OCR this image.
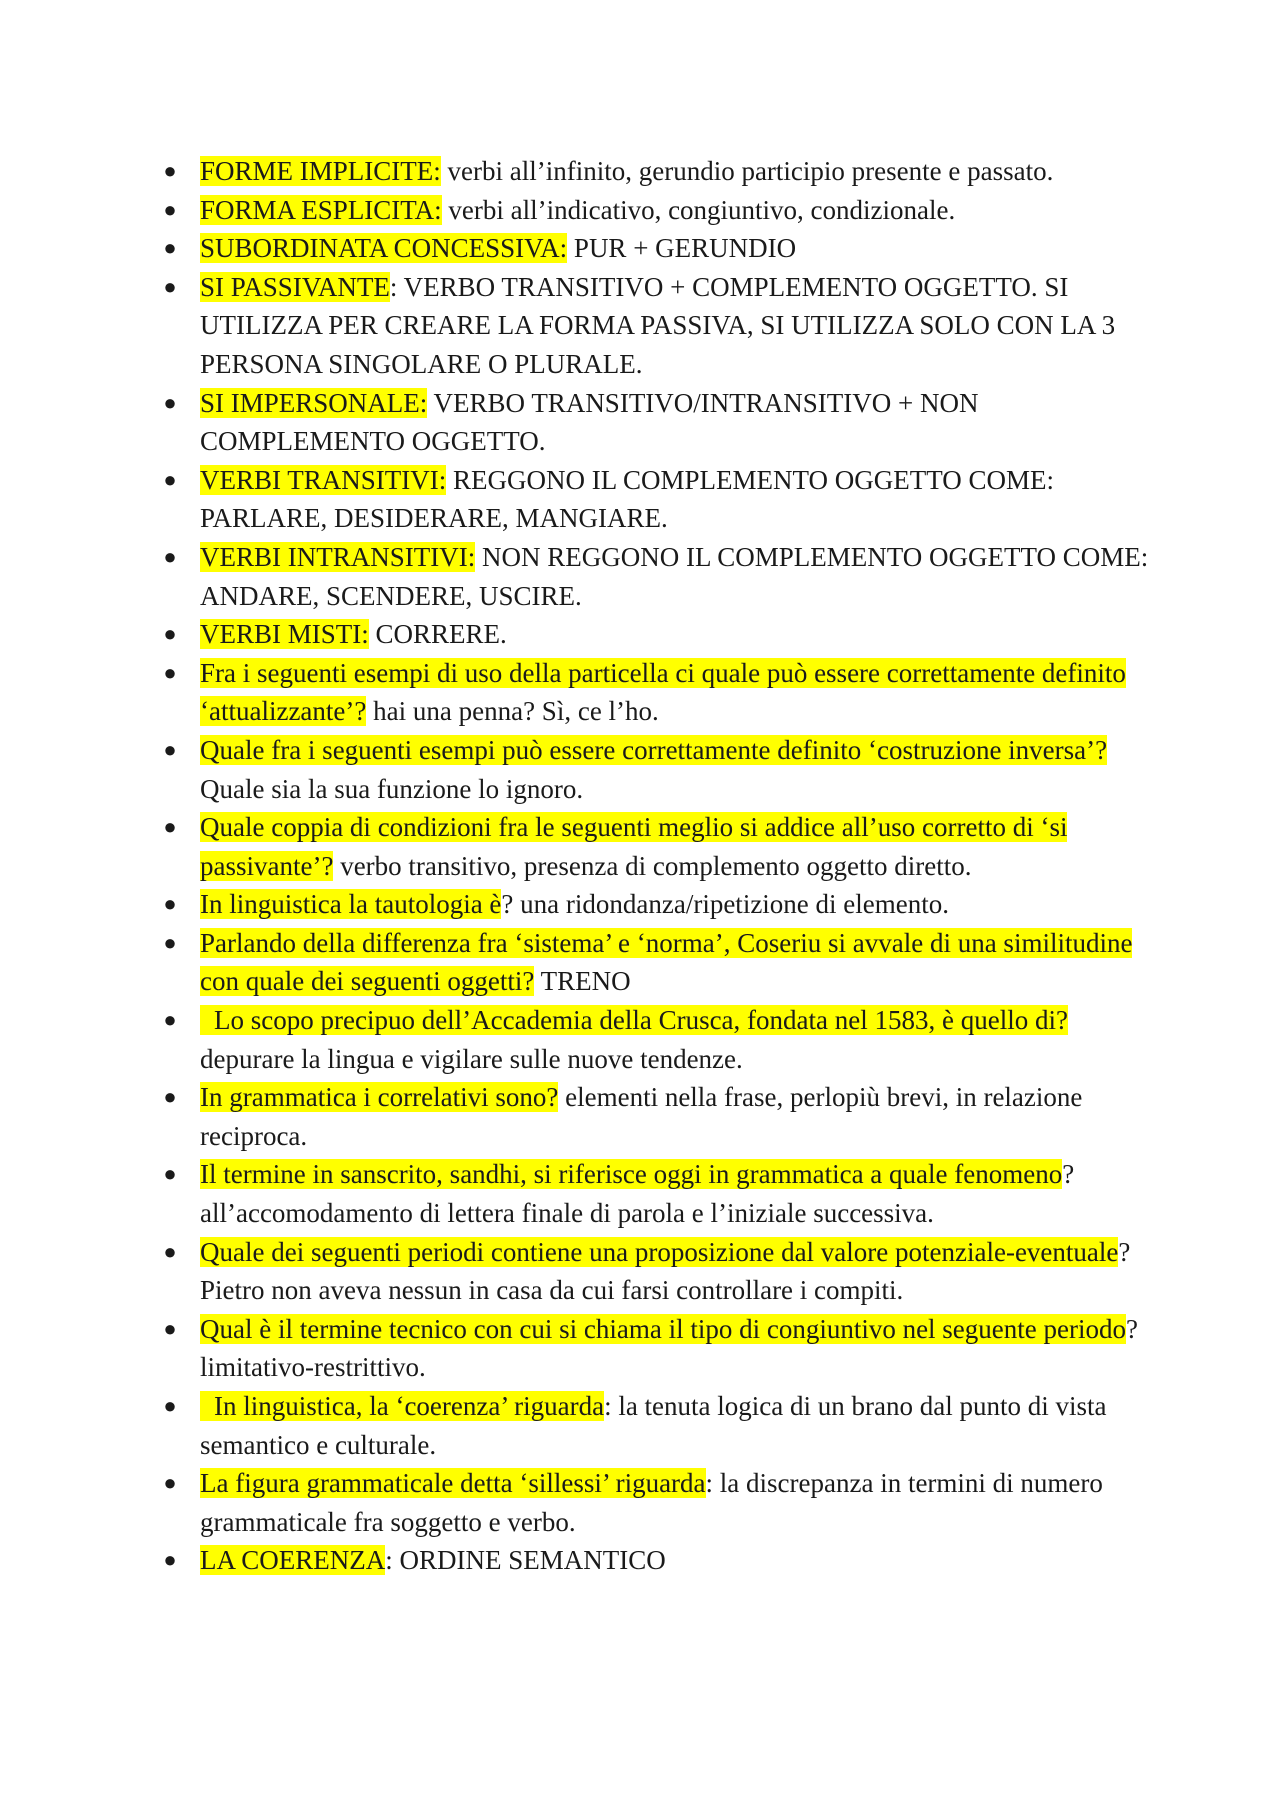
● FORME IMPLICITE: verbi all’infinito, gerundio participio presente e passato.
● FORMA ESPLICITA: verbi all’indicativo, congiuntivo, condizionale.
● SUBORDINATA CONCESSIVA: PUR + GERUNDIO
● SI PASSIVANTE: VERBO TRANSITIVO + COMPLEMENTO OGGETTO. SI UTILIZZA PER CREARE LA FORMA PASSIVA, SI UTILIZZA SOLO CON LA 3 PERSONA SINGOLARE O PLURALE.
● SI IMPERSONALE: VERBO TRANSITIVO/INTRANSITIVO + NON COMPLEMENTO OGGETTO.
● VERBI TRANSITIVI: REGGONO IL COMPLEMENTO OGGETTO COME: PARLARE, DESIDERARE, MANGIARE.
● VERBI INTRANSITIVI: NON REGGONO IL COMPLEMENTO OGGETTO COME: ANDARE, SCENDERE, USCIRE.
● VERBI MISTI: CORRERE.
● Fra i seguenti esempi di uso della particella ci quale può essere correttamente definito ‘attualizzante’? hai una penna? Sì, ce l’ho.
● Quale fra i seguenti esempi può essere correttamente definito ‘costruzione inversa’? Quale sia la sua funzione lo ignoro.
● Quale coppia di condizioni fra le seguenti meglio si addice all’uso corretto di ‘si passivante’? verbo transitivo, presenza di complemento oggetto diretto.
● In linguistica la tautologia è? una ridondanza/ripetizione di elemento.
● Parlando della differenza fra ‘sistema’ e ‘norma’, Coseriu si avvale di una similitudine con quale dei seguenti oggetti? TRENO
● Lo scopo precipuo dell’Accademia della Crusca, fondata nel 1583, è quello di? depurare la lingua e vigilare sulle nuove tendenze.
● In grammatica i correlativi sono? elementi nella frase, perlopiù brevi, in relazione reciproca.
● Il termine in sanscrito, sandhi, si riferisce oggi in grammatica a quale fenomeno? all’accomodamento di lettera finale di parola e l’iniziale successiva.
● Quale dei seguenti periodi contiene una proposizione dal valore potenziale-eventuale? Pietro non aveva nessun in casa da cui farsi controllare i compiti.
● Qual è il termine tecnico con cui si chiama il tipo di congiuntivo nel seguente periodo? limitativo-restrittivo.
● In linguistica, la ‘coerenza’ riguarda: la tenuta logica di un brano dal punto di vista semantico e culturale.
● La figura grammaticale detta ‘sillessi’ riguarda: la discrepanza in termini di numero grammaticale fra soggetto e verbo.
● LA COERENZA: ORDINE SEMANTICO
